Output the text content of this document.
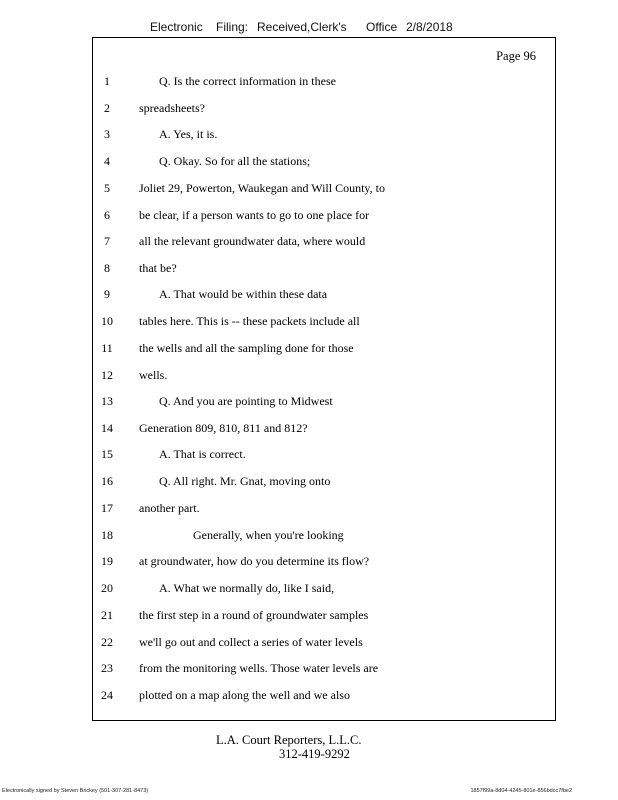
Electronic Filing: Received,Clerk's Office 2/8/2018
Page 96
1	Q. Is the correct information in these
2	spreadsheets?
3	A. Yes, it is.
4	Q. Okay. So for all the stations;
5	Joliet 29, Powerton, Waukegan and Will County, to
6	be clear, if a person wants to go to one place for
7	all the relevant groundwater data, where would
8	that be?
9	A. That would be within these data
10 tables here. This is -- these packets include all
11 the wells and all the sampling done for those
12 wells.
13	Q. And you are pointing to Midwest
14 Generation 809, 810, 811 and 812?
15	A. That is correct.
16	Q. All right. Mr. Gnat, moving onto
17 another part.
18	Generally, when you're looking
19 at groundwater, how do you determine its flow?
20	A. What we normally do, like I said,
21 the first step in a round of groundwater samples
22 we'll go out and collect a series of water levels
23 from the monitoring wells. Those water levels are
24 plotted on a map along the well and we also
L.A. Court Reporters, L.L.C.
312-419-9292
Electronically signed by Steven Brickey (501-307-281-8473)	1857f99a-8d04-4245-801e-856bdcc7fbe2
